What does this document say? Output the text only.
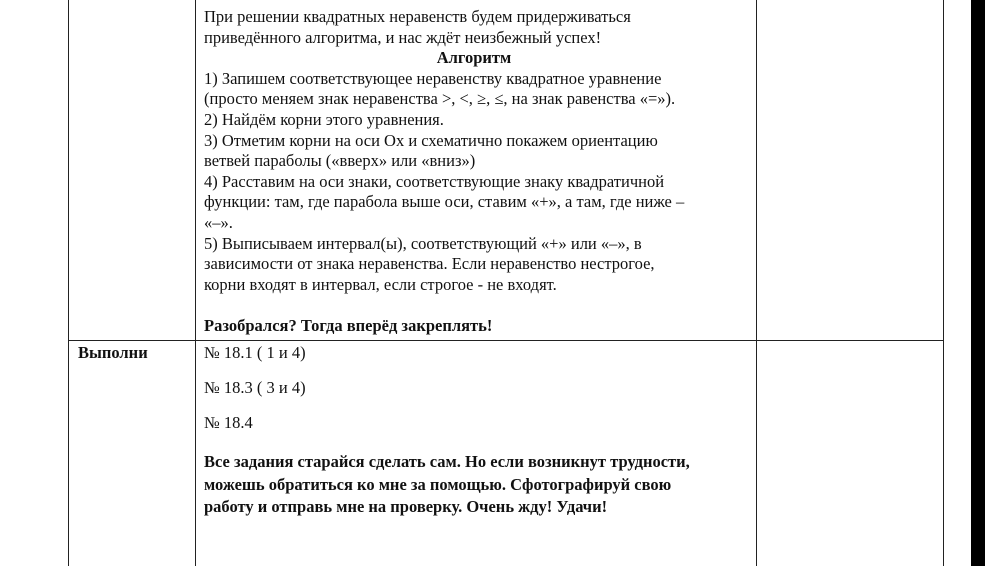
При решении квадратных неравенств будем придерживаться
приведённого алгоритма, и нас ждёт неизбежный успех!
Алгоритм
1) Запишем соответствующее неравенству квадратное уравнение
(просто меняем знак неравенства >, <, ≥, ≤, на знак равенства «=»).
2) Найдём корни этого уравнения.
3) Отметим корни на оси Ох и схематично покажем ориентацию
ветвей параболы («вверх» или «вниз»)
4) Расставим на оси знаки, соответствующие знаку квадратичной
функции: там, где парабола выше оси, ставим «+», а там, где ниже –
«–».
5) Выписываем интервал(ы), соответствующий «+» или «–», в
зависимости от знака неравенства. Если неравенство нестрогое,
корни входят в интервал, если строгое - не входят.
Разобрался? Тогда вперёд закреплять!
Выполни	№ 18.1 ( 1 и 4)
№ 18.3 ( 3 и 4)
№ 18.4
Все задания старайся сделать сам. Но если возникнут трудности,
можешь обратиться ко мне за помощью. Сфотографируй свою
работу и отправь мне на проверку. Очень жду! Удачи!
